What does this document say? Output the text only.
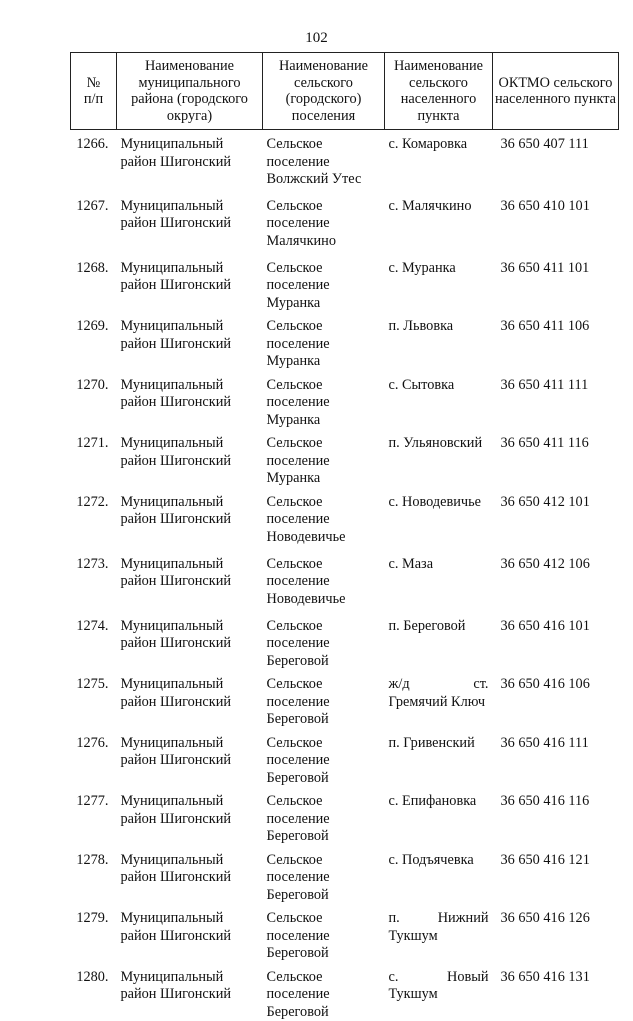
102
№
п/п	Наименование муниципального района (городского округа)	Наименование сельского (городского) поселения	Наименование сельского населенного пункта	ОКТМО сельского населенного пункта
1266.	Муниципальный район Шигонский	Сельское поселение Волжский Утес	с. Комаровка	36 650 407 111
1267.	Муниципальный район Шигонский	Сельское поселение Малячкино	с. Малячкино	36 650 410 101
1268.	Муниципальный район Шигонский	Сельское поселение Муранка	с. Муранка	36 650 411 101
1269.	Муниципальный район Шигонский	Сельское поселение Муранка	п. Львовка	36 650 411 106
1270.	Муниципальный район Шигонский	Сельское поселение Муранка	с. Сытовка	36 650 411 111
1271.	Муниципальный район Шигонский	Сельское поселение Муранка	п. Ульяновский	36 650 411 116
1272.	Муниципальный район Шигонский	Сельское поселение Новодевичье	с. Новодевичье	36 650 412 101
1273.	Муниципальный район Шигонский	Сельское поселение Новодевичье	с. Маза	36 650 412 106
1274.	Муниципальный район Шигонский	Сельское поселение Береговой	п. Береговой	36 650 416 101
1275.	Муниципальный район Шигонский	Сельское поселение Береговой	ж/д ст. Гремячий Ключ	36 650 416 106
1276.	Муниципальный район Шигонский	Сельское поселение Береговой	п. Гривенский	36 650 416 111
1277.	Муниципальный район Шигонский	Сельское поселение Береговой	с. Епифановка	36 650 416 116
1278.	Муниципальный район Шигонский	Сельское поселение Береговой	с. Подъячевка	36 650 416 121
1279.	Муниципальный район Шигонский	Сельское поселение Береговой	п. Нижний Тукшум	36 650 416 126
1280.	Муниципальный район Шигонский	Сельское поселение Береговой	с. Новый Тукшум	36 650 416 131
